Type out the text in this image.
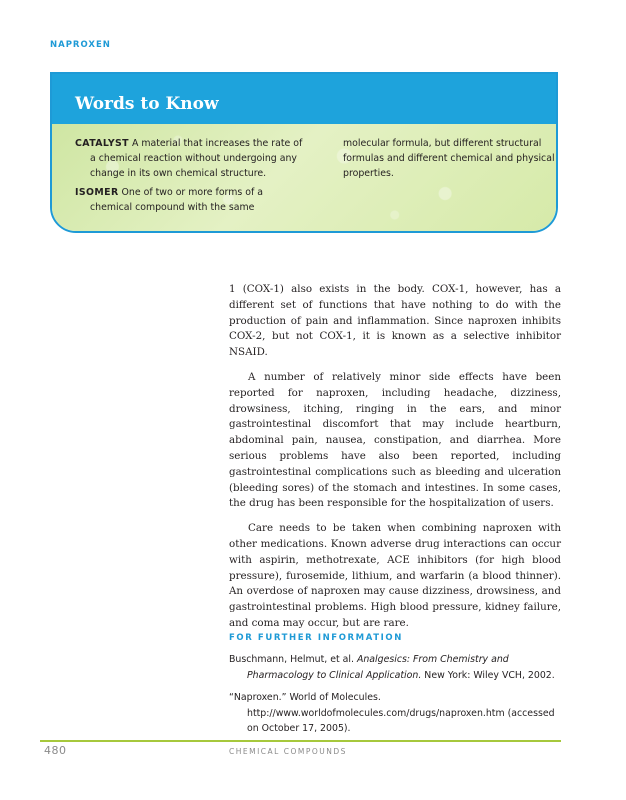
NAPROXEN
Words to Know

CATALYST A material that increases the rate of a chemical reaction without undergoing any change in its own chemical structure.

ISOMER One of two or more forms of a chemical compound with the same

molecular formula, but different structural formulas and different chemical and physical properties.

1 (COX-1) also exists in the body. COX-1, however, has a different set of functions that have nothing to do with the production of pain and inflammation. Since naproxen inhibits COX-2, but not COX-1, it is known as a selective inhibitor NSAID.

A number of relatively minor side effects have been reported for naproxen, including headache, dizziness, drowsiness, itching, ringing in the ears, and minor gastrointestinal discomfort that may include heartburn, abdominal pain, nausea, constipation, and diarrhea. More serious problems have also been reported, including gastrointestinal complications such as bleeding and ulceration (bleeding sores) of the stomach and intestines. In some cases, the drug has been responsible for the hospitalization of users.

Care needs to be taken when combining naproxen with other medications. Known adverse drug interactions can occur with aspirin, methotrexate, ACE inhibitors (for high blood pressure), furosemide, lithium, and warfarin (a blood thinner). An overdose of naproxen may cause dizziness, drowsiness, and gastrointestinal problems. High blood pressure, kidney failure, and coma may occur, but are rare.

FOR FURTHER INFORMATION

Buschmann, Helmut, et al. Analgesics: From Chemistry and Pharmacology to Clinical Application. New York: Wiley VCH, 2002.

“Naproxen.” World of Molecules. http://www.worldofmolecules.com/drugs/naproxen.htm (accessed on October 17, 2005).

480	CHEMICAL COMPOUNDS
